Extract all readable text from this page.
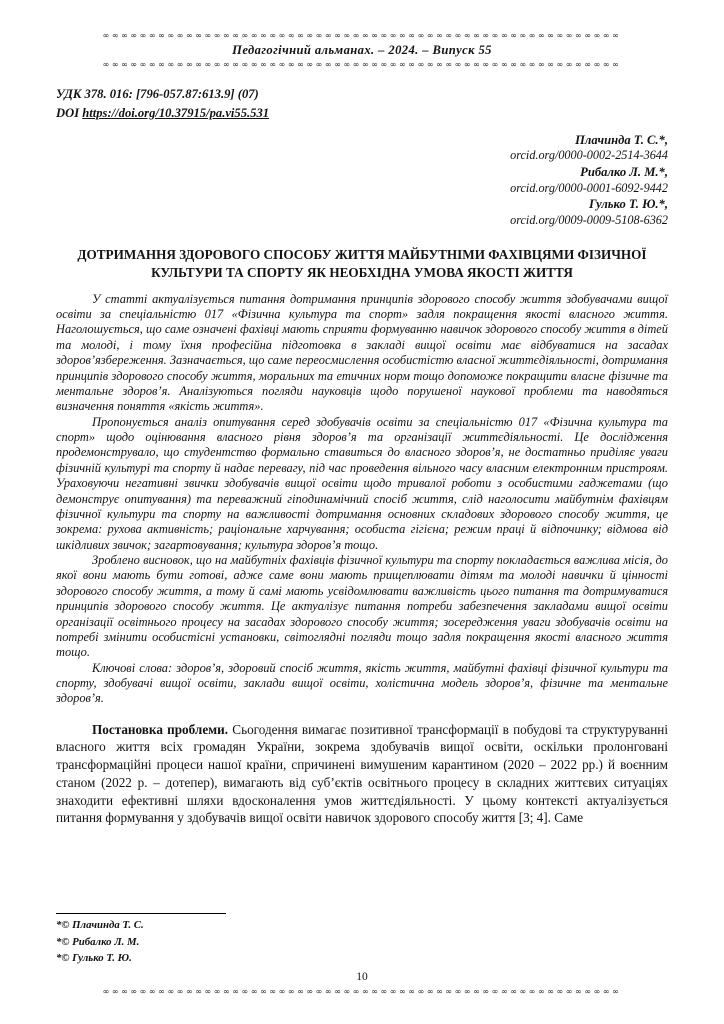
∞∞∞∞∞∞∞∞∞∞∞∞∞∞∞∞∞∞∞∞∞∞∞∞∞∞∞∞∞∞∞∞∞∞∞∞∞∞∞∞∞∞∞∞∞∞∞∞∞∞∞∞∞∞∞∞
Педагогічний альманах. – 2024. – Випуск 55
∞∞∞∞∞∞∞∞∞∞∞∞∞∞∞∞∞∞∞∞∞∞∞∞∞∞∞∞∞∞∞∞∞∞∞∞∞∞∞∞∞∞∞∞∞∞∞∞∞∞∞∞∞∞∞∞
УДК 378. 016: [796-057.87:613.9] (07)
DOI https://doi.org/10.37915/pa.vi55.531
Плачинда Т. С.*,
orcid.org/0000-0002-2514-3644
Рибалко Л. М.*,
orcid.org/0000-0001-6092-9442
Гулько Т. Ю.*,
orcid.org/0009-0009-5108-6362
ДОТРИМАННЯ ЗДОРОВОГО СПОСОБУ ЖИТТЯ МАЙБУТНІМИ ФАХІВЦЯМИ ФІЗИЧНОЇ КУЛЬТУРИ ТА СПОРТУ ЯК НЕОБХІДНА УМОВА ЯКОСТІ ЖИТТЯ

У статті актуалізується питання дотримання принципів здорового способу життя здобувачами вищої освіти за спеціальністю 017 «Фізична культура та спорт» задля покращення якості власного життя. Наголошується, що саме означені фахівці мають сприяти формуванню навичок здорового способу життя в дітей та молоді, і тому їхня професійна підготовка в закладі вищої освіти має відбуватися на засадах здоров’язбереження. Зазначається, що саме переосмислення особистістю власної життєдіяльності, дотримання принципів здорового способу життя, моральних та етичних норм тощо допоможе покращити власне фізичне та ментальне здоров’я. Аналізуються погляди науковців щодо порушеної наукової проблеми та наводяться визначення поняття «якість життя».

Пропонується аналіз опитування серед здобувачів освіти за спеціальністю 017 «Фізична культура та спорт» щодо оцінювання власного рівня здоров’я та організації життєдіяльності. Це дослідження продемонструвало, що студентство формально ставиться до власного здоров’я, не достатньо приділяє уваги фізичній культурі та спорту й надає перевагу, під час проведення вільного часу власним електронним пристроям. Ураховуючи негативні звички здобувачів вищої освіти щодо тривалої роботи з особистими гаджетами (що демонструє опитування) та переважний гіподинамічний спосіб життя, слід наголосити майбутнім фахівцям фізичної культури та спорту на важливості дотримання основних складових здорового способу життя, це зокрема: рухова активність; раціональне харчування; особиста гігієна; режим праці й відпочинку; відмова від шкідливих звичок; загартовування; культура здоров’я тощо.

Зроблено висновок, що на майбутніх фахівців фізичної культури та спорту покладається важлива місія, до якої вони мають бути готові, адже саме вони мають прищеплювати дітям та молоді навички й цінності здорового способу життя, а тому й самі мають усвідомлювати важливість цього питання та дотримуватися принципів здорового способу життя. Це актуалізує питання потреби забезпечення закладами вищої освіти організації освітнього процесу на засадах здорового способу життя; зосередження уваги здобувачів освіти на потребі змінити особистісні установки, світоглядні погляди тощо задля покращення якості власного життя тощо.

Ключові слова: здоров’я, здоровий спосіб життя, якість життя, майбутні фахівці фізичної культури та спорту, здобувачі вищої освіти, заклади вищої освіти, холістична модель здоров’я, фізичне та ментальне здоров’я.

Постановка проблеми. Сьогодення вимагає позитивної трансформації в побудові та структуруванні власного життя всіх громадян України, зокрема здобувачів вищої освіти, оскільки пролонговані трансформаційні процеси нашої країни, спричинені вимушеним карантином (2020 – 2022 рр.) й воєнним станом (2022 р. – дотепер), вимагають від суб’єктів освітнього процесу в складних життєвих ситуаціях знаходити ефективні шляхи вдосконалення умов життєдіяльності. У цьому контексті актуалізується питання формування у здобувачів вищої освіти навичок здорового способу життя [3; 4]. Саме

*© Плачинда Т. С.
*© Рибалко Л. М.
*© Гулько Т. Ю.
10
∞∞∞∞∞∞∞∞∞∞∞∞∞∞∞∞∞∞∞∞∞∞∞∞∞∞∞∞∞∞∞∞∞∞∞∞∞∞∞∞∞∞∞∞∞∞∞∞∞∞∞∞∞∞∞∞
